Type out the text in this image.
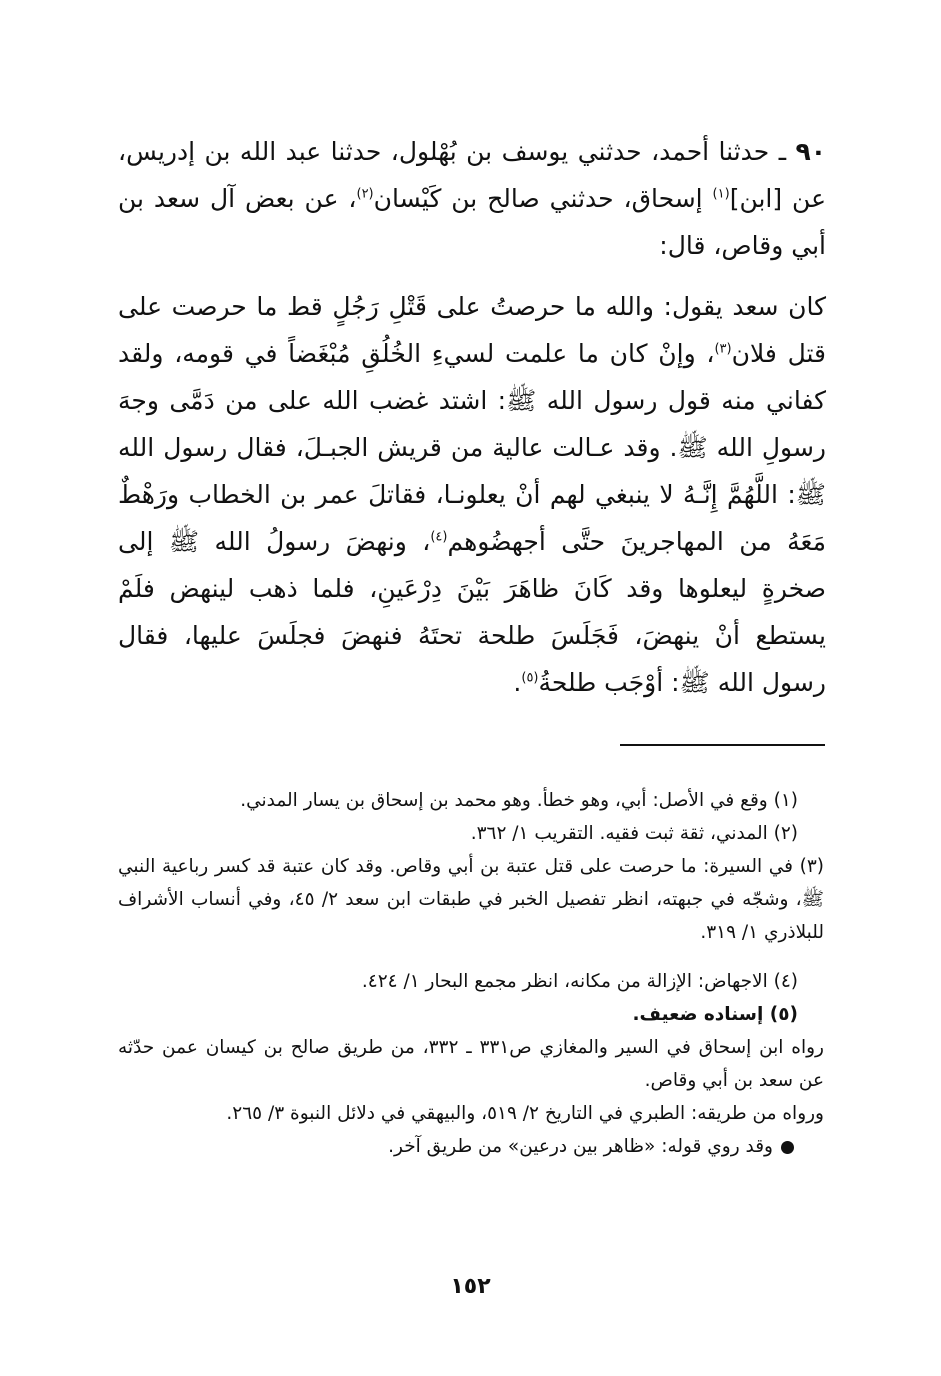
٩٠ ـ حدثنا أحمد، حدثني يوسف بن بُهْلول، حدثنا عبد الله بن إدريس، عن [ابن]$^{(١)}$ إسحاق، حدثني صالح بن كَيْسان$^{(٢)}$، عن بعض آل سعد بن أبي وقاص، قال:

كان سعد يقول: والله ما حرصتُ على قَتْلِ رَجُلٍ قط ما حرصت على قتل فلان$^{(٣)}$، وإنْ كان ما علمت لسيءِ الخُلُقِ مُبْغَضاً في قومه، ولقد كفاني منه قول رسول الله ﷺ: اشتد غضب الله على من دَمَّى وجهَ رسولِ الله ﷺ. وقد عـالت عالية من قريش الجبـلَ، فقال رسول الله ﷺ: اللَّهُمَّ إِنَّـهُ لا ينبغي لهم أنْ يعلونـا، فقاتلَ عمر بن الخطاب ورَهْطٌ مَعَهُ من المهاجرينَ حتَّى أجهضُوهم$^{(٤)}$، ونهضَ رسولُ الله ﷺ إلى صخرةٍ ليعلوها وقد كَانَ ظاهَرَ بَيْنَ دِرْعَينِ، فلما ذهب لينهض فلَمْ يستطع أنْ ينهضَ، فَجَلَسَ طلحة تحتَهُ فنهضَ فجلَسَ عليها، فقال رسول الله ﷺ: أوْجَب طلحةُ$^{(٥)}$.

(١) وقع في الأصل: أبي، وهو خطأ. وهو محمد بن إسحاق بن يسار المدني.

(٢) المدني، ثقة ثبت فقيه. التقريب ١/ ٣٦٢.

(٣) في السيرة: ما حرصت على قتل عتبة بن أبي وقاص. وقد كان عتبة قد كسر رباعية النبي ﷺ، وشجّه في جبهته، انظر تفصيل الخبر في طبقات ابن سعد ٢/ ٤٥، وفي أنساب الأشراف للبلاذري ١/ ٣١٩.

(٤) الاجهاض: الإزالة من مكانه، انظر مجمع البحار ١/ ٤٢٤.

(٥) إسناده ضعيف.

رواه ابن إسحاق في السير والمغازي ص٣٣١ ـ ٣٣٢، من طريق صالح بن كيسان عمن حدّثه عن سعد بن أبي وقاص.

ورواه من طريقه: الطبري في التاريخ ٢/ ٥١٩، والبيهقي في دلائل النبوة ٣/ ٢٦٥.

وقد روي قوله: «ظاهر بين درعين» من طريق آخر.

١٥٢
